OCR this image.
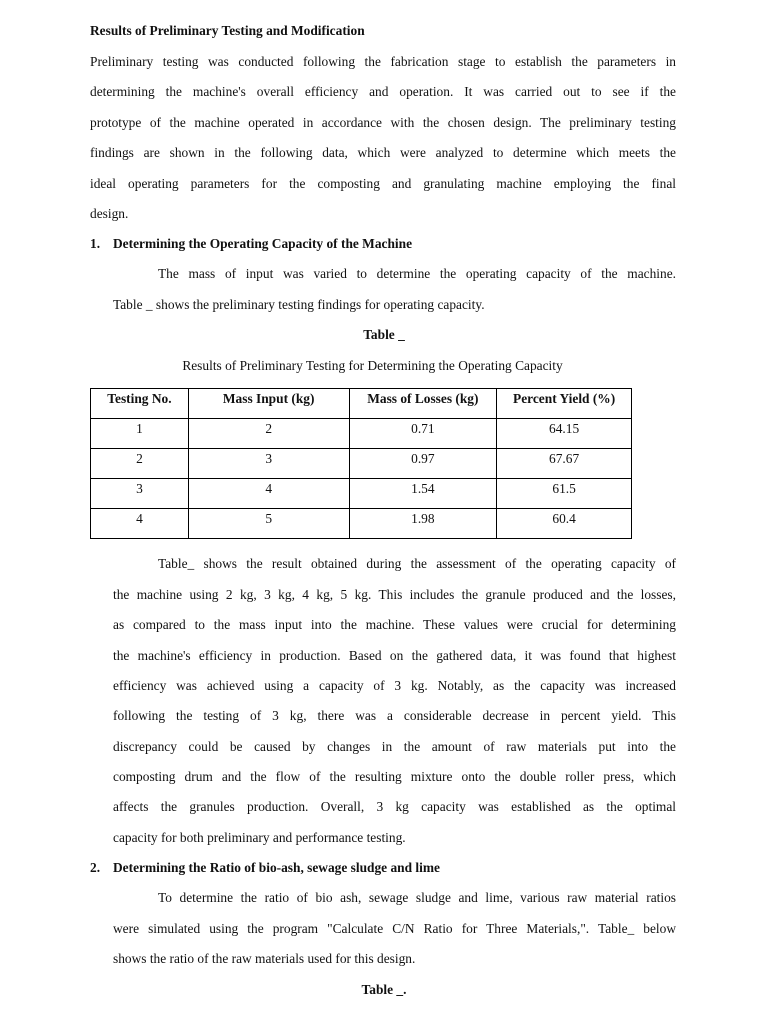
Results of Preliminary Testing and Modification
Preliminary testing was conducted following the fabrication stage to establish the parameters in
determining the machine's overall efficiency and operation. It was carried out to see if the
prototype of the machine operated in accordance with the chosen design. The preliminary testing
findings are shown in the following data, which were analyzed to determine which meets the
ideal operating parameters for the composting and granulating machine employing the final
design.
1. Determining the Operating Capacity of the Machine
The mass of input was varied to determine the operating capacity of the machine.
Table _ shows the preliminary testing findings for operating capacity.
Table _
Results of Preliminary Testing for Determining the Operating Capacity
Testing No.	Mass Input (kg)	Mass of Losses (kg)	Percent Yield (%)
1	2	0.71	64.15
2	3	0.97	67.67
3	4	1.54	61.5
4	5	1.98	60.4
Table_ shows the result obtained during the assessment of the operating capacity of
the machine using 2 kg, 3 kg, 4 kg, 5 kg. This includes the granule produced and the losses,
as compared to the mass input into the machine. These values were crucial for determining
the machine's efficiency in production. Based on the gathered data, it was found that highest
efficiency was achieved using a capacity of 3 kg. Notably, as the capacity was increased
following the testing of 3 kg, there was a considerable decrease in percent yield. This
discrepancy could be caused by changes in the amount of raw materials put into the
composting drum and the flow of the resulting mixture onto the double roller press, which
affects the granules production. Overall, 3 kg capacity was established as the optimal
capacity for both preliminary and performance testing.
2. Determining the Ratio of bio-ash, sewage sludge and lime
To determine the ratio of bio ash, sewage sludge and lime, various raw material ratios
were simulated using the program "Calculate C/N Ratio for Three Materials,". Table_ below
shows the ratio of the raw materials used for this design.
Table _.
